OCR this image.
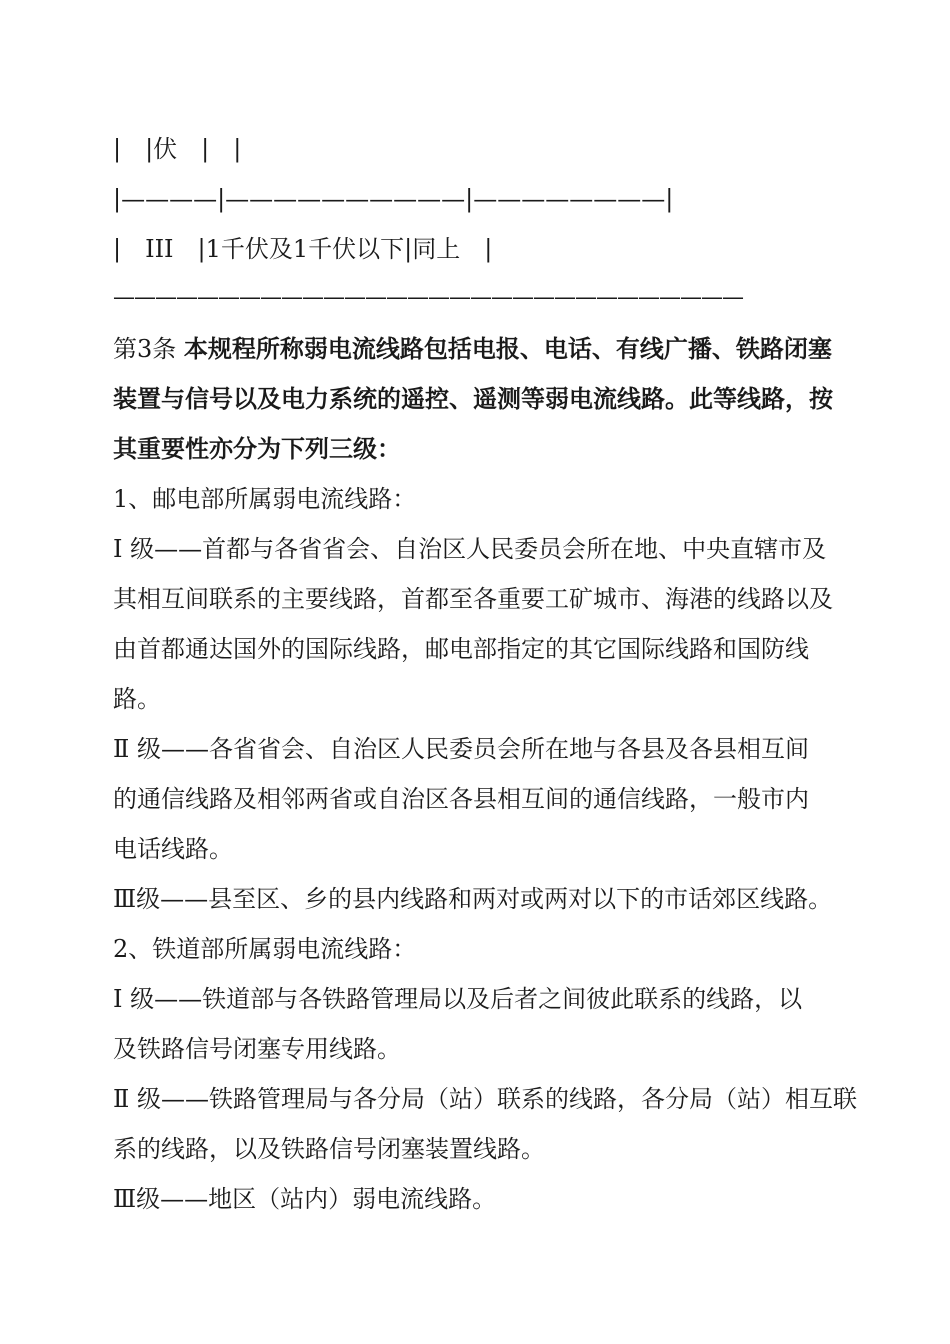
|　|伏　|　|
|————|——————————|————————|
|　III　|1千伏及1千伏以下|同上　|
——————————————————————————————
第3条 本规程所称弱电流线路包括电报、电话、有线广播、铁路闭塞
装置与信号以及电力系统的遥控、遥测等弱电流线路。此等线路，按
其重要性亦分为下列三级：
1、邮电部所属弱电流线路：
Ⅰ 级——首都与各省省会、自治区人民委员会所在地、中央直辖市及
其相互间联系的主要线路，首都至各重要工矿城市、海港的线路以及
由首都通达国外的国际线路，邮电部指定的其它国际线路和国防线
路。
Ⅱ 级——各省省会、自治区人民委员会所在地与各县及各县相互间
的通信线路及相邻两省或自治区各县相互间的通信线路，一般市内
电话线路。
Ⅲ级——县至区、乡的县内线路和两对或两对以下的市话郊区线路。
2、铁道部所属弱电流线路：
Ⅰ 级——铁道部与各铁路管理局以及后者之间彼此联系的线路，以
及铁路信号闭塞专用线路。
Ⅱ 级——铁路管理局与各分局（站）联系的线路，各分局（站）相互联
系的线路，以及铁路信号闭塞装置线路。
Ⅲ级——地区（站内）弱电流线路。
